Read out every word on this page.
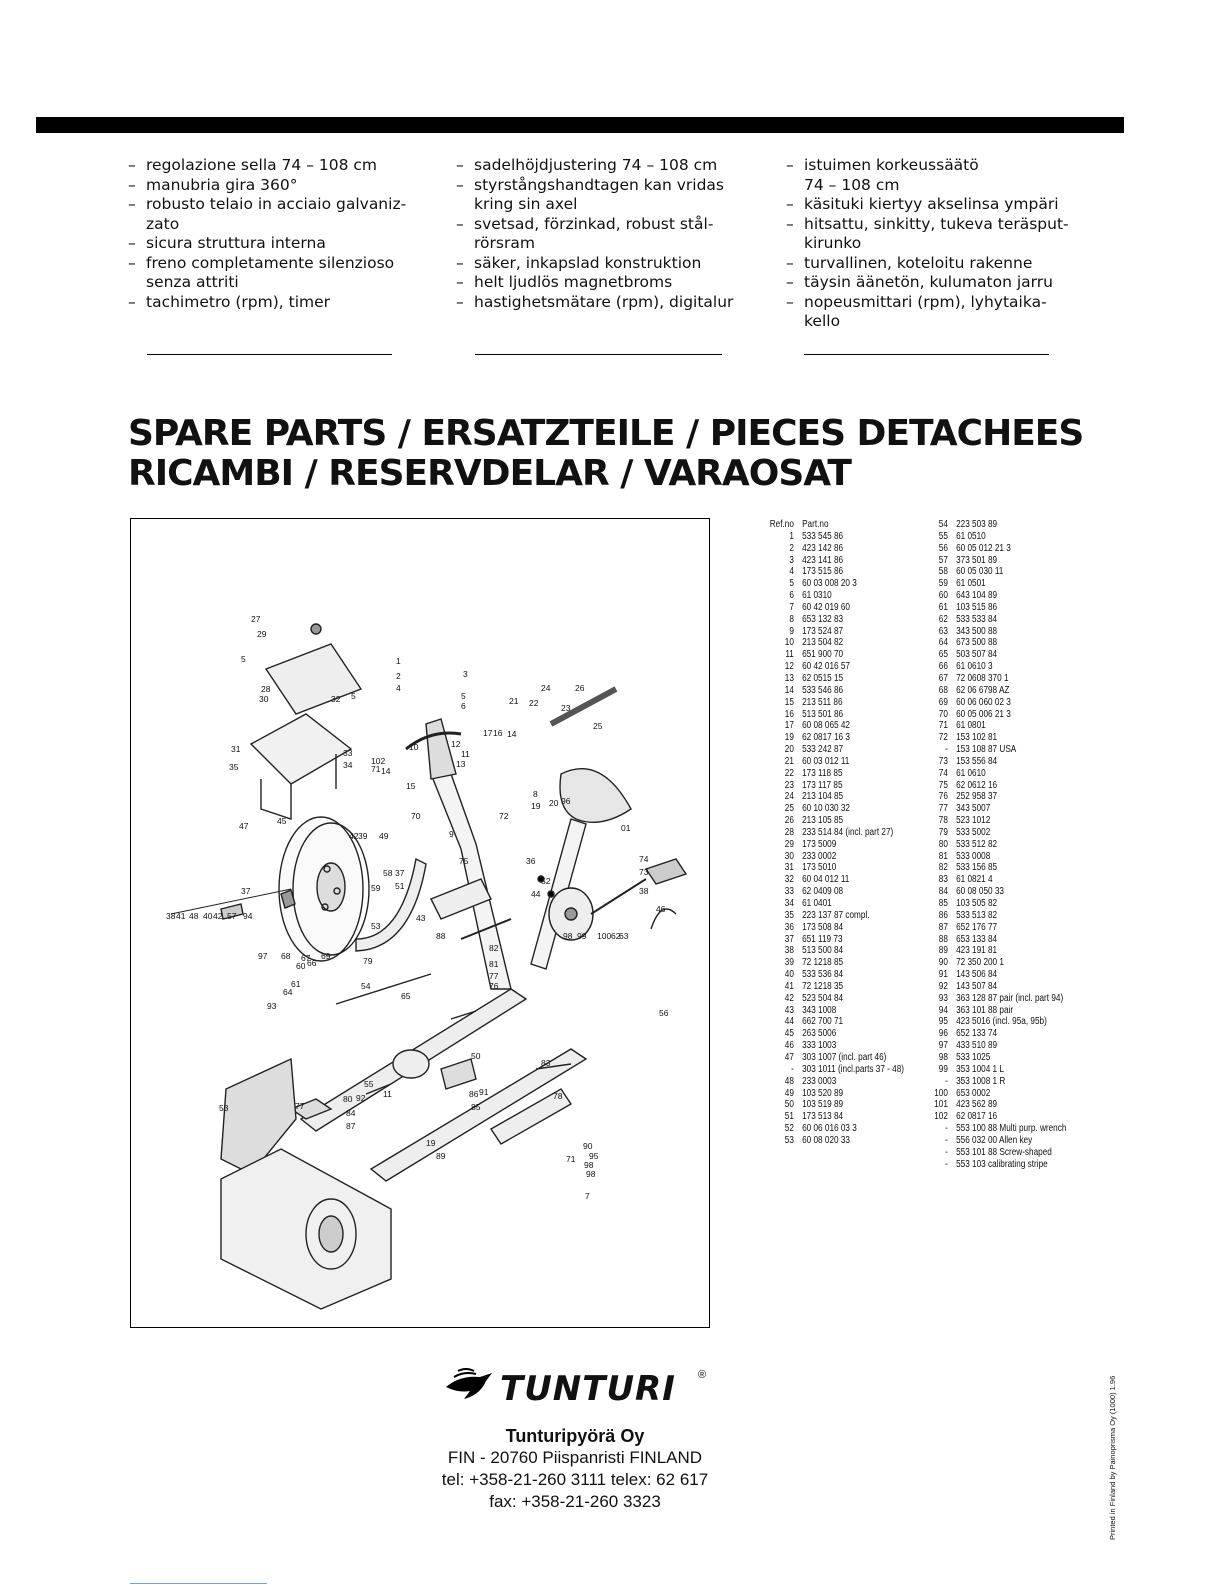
– regolazione sella 74 – 108 cm
– manubria gira 360°
– robusto telaio in acciaio galvaniz-
zato
– sicura struttura interna
– freno completamente silenzioso
senza attriti
– tachimetro (rpm), timer
– sadelhöjdjustering 74 – 108 cm
– styrstångshandtagen kan vridas
kring sin axel
– svetsad, förzinkad, robust stål-
rörsram
– säker, inkapslad konstruktion
– helt ljudlös magnetbroms
– hastighetsmätare (rpm), digitalur
– istuimen korkeussäätö
74 – 108 cm
– käsituki kiertyy akselinsa ympäri
– hitsattu, sinkitty, tukeva teräsput-
kirunko
– turvallinen, koteloitu rakenne
– täysin äänetön, kulumaton jarru
– nopeusmittari (rpm), lyhytaika-
kello
SPARE PARTS / ERSATZTEILE / PIECES DETACHEES
RICAMBI / RESERVDELAR / VARAOSAT
27
29
5	1
2	3
4
28
30	32 5	5
6
24	26
21 22	23
25
31	33
35	34
10
102
71
12
11
13
17 16 14
19
8
20 96
14
15
70	72
01
9
36
47	45
42 39 49
75	74
73
38
37
58
59 51	52
44
37
38 41 48 40 42 57 94	43
46
97 68 67 69
66
60
53
79
88
82
81
77
76
98 99 100 62
63
61
64
54
93
65
56
55
11
50
83
78
77
19	90
98
98
80 92
71
84
53
86
85
91
87
89
7
95
Ref.no Part.no
1 533 545 86
2 423 142 86
3 423 141 86
4 173 515 86
5 60 03 008 20 3
6 61 0310
7 60 42 019 60
8 653 132 83
9 173 524 87
10 213 504 82
11 651 900 70
12 60 42 016 57
13 62 0515 15
14 533 546 86
15 213 511 86
16 513 501 86
17 60 08 065 42
19 62 0817 16 3
20 533 242 87
21 60 03 012 11
22 173 118 85
23 173 117 85
24 213 104 85
25 60 10 030 32
26 213 105 85
28 233 514 84 (incl. part 27)
29 173 5009
30 233 0002
31 173 5010
32 60 04 012 11
33 62 0409 08
34 61 0401
35 223 137 87 compl.
36 173 508 84
37 651 119 73
38 513 500 84
39 72 1218 85
40 533 536 84
41 72 1218 35
42 523 504 84
43 343 1008
44 662 700 71
45 263 5006
46 333 1003
47 303 1007 (incl. part 46)
- 303 1011 (incl.parts 37 - 48)
48 233 0003
49 103 520 89
50 103 519 89
51 173 513 84
52 60 06 016 03 3
53 60 08 020 33
54 223 503 89
55 61 0510
56 60 05 012 21 3
57 373 501 89
58 60 05 030 11
59 61 0501
60 643 104 89
61 103 515 86
62 533 533 84
63 343 500 88
64 673 500 88
65 503 507 84
66 61 0610 3
67 72 0608 370 1
68 62 06 6798 AZ
69 60 06 060 02 3
70 60 05 006 21 3
71 61 0801
72 153 102 81
- 153 108 87 USA
73 153 556 84
74 61 0610
75 62 0612 16
76 252 958 37
77 343 5007
78 523 1012
79 533 5002
80 533 512 82
81 533 0008
82 533 156 85
83 61 0821 4
84 60 08 050 33
85 103 505 82
86 533 513 82
87 652 176 77
88 653 133 84
89 423 191 81
90 72 350 200 1
91 143 506 84
92 143 507 84
93 363 128 87 pair (incl. part 94)
94 363 101 88 pair
95 423 5016 (incl. 95a, 95b)
96 652 133 74
97 433 510 89
98 533 1025
99 353 1004 1 L
- 353 1008 1 R
100 653 0002
101 423 562 89
102 62 0817 16
- 553 100 88 Multi purp. wrench
- 556 032 00 Allen key
- 553 101 88 Screw-shaped
- 553 103 calibrating stripe
TUNTURI ®
Tunturipyörä Oy
FIN - 20760 Piispanristi FINLAND
tel: +358-21-260 3111 telex: 62 617
fax: +358-21-260 3323	Printed in Finland by Painoprisma Oy (1000) 1.96
